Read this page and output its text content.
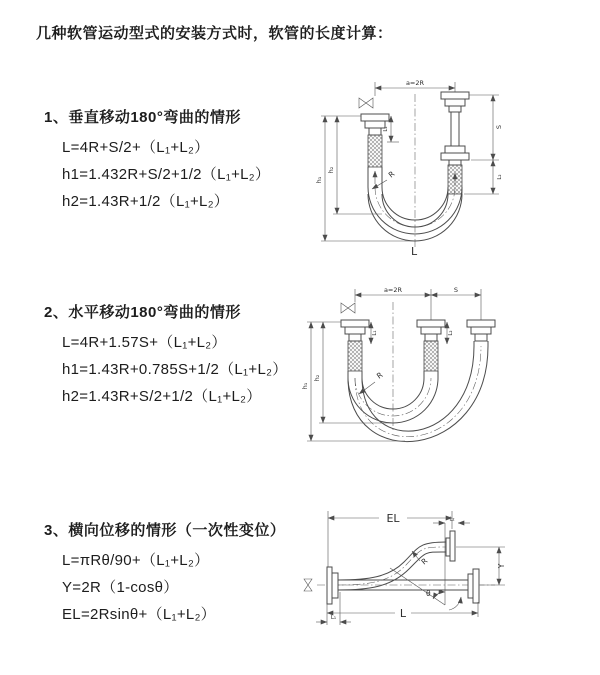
几种软管运动型式的安装方式时，软管的长度计算：

1、垂直移动180°弯曲的情形

L=4R+S/2+（L₁+L₂）

h1=1.432R+S/2+1/2（L₁+L₂）

h2=1.43R+1/2（L₁+L₂）

a=2R
h₁
h₂
L₁	S
L₂
R
L

2、水平移动180°弯曲的情形

L=4R+1.57S+（L₁+L₂）

h1=1.43R+0.785S+1/2（L₁+L₂）

h2=1.43R+S/2+1/2（L₁+L₂）

a=2R	S
h₁
h₂
L₁	L₂
R

3、横向位移的情形（一次性变位）

L=πRθ/90+（L₁+L₂）

Y=2R（1-cosθ）

EL=2Rsinθ+（L₁+L₂）

EL	L₂
θ
R	Y
L
L₁
